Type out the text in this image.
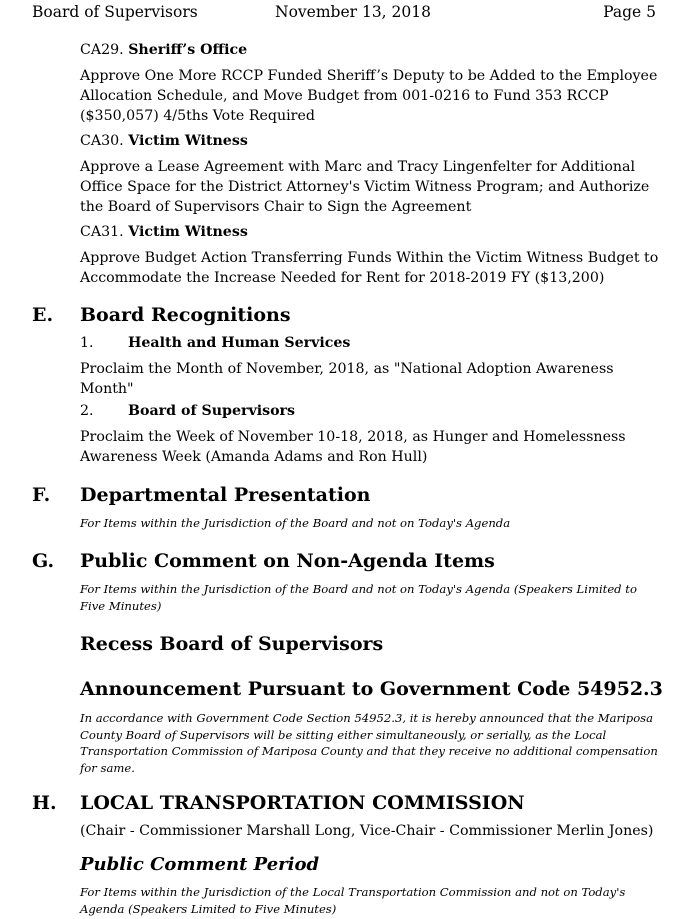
Board of Supervisors	November 13, 2018	Page 5
CA29. Sheriff’s Office
Approve One More RCCP Funded Sheriff’s Deputy to be Added to the Employee Allocation Schedule, and Move Budget from 001-0216 to Fund 353 RCCP ($350,057) 4/5ths Vote Required
CA30. Victim Witness
Approve a Lease Agreement with Marc and Tracy Lingenfelter for Additional Office Space for the District Attorney's Victim Witness Program; and Authorize the Board of Supervisors Chair to Sign the Agreement
CA31. Victim Witness
Approve Budget Action Transferring Funds Within the Victim Witness Budget to Accommodate the Increase Needed for Rent for 2018-2019 FY ($13,200)
E. Board Recognitions
1. Health and Human Services
Proclaim the Month of November, 2018, as "National Adoption Awareness Month"
2. Board of Supervisors
Proclaim the Week of November 10-18, 2018, as Hunger and Homelessness Awareness Week (Amanda Adams and Ron Hull)
F. Departmental Presentation
For Items within the Jurisdiction of the Board and not on Today's Agenda
G. Public Comment on Non-Agenda Items
For Items within the Jurisdiction of the Board and not on Today's Agenda (Speakers Limited to Five Minutes)
Recess Board of Supervisors
Announcement Pursuant to Government Code 54952.3
In accordance with Government Code Section 54952.3, it is hereby announced that the Mariposa County Board of Supervisors will be sitting either simultaneously, or serially, as the Local Transportation Commission of Mariposa County and that they receive no additional compensation for same.
H. LOCAL TRANSPORTATION COMMISSION
(Chair - Commissioner Marshall Long, Vice-Chair - Commissioner Merlin Jones)
Public Comment Period
For Items within the Jurisdiction of the Local Transportation Commission and not on Today's Agenda (Speakers Limited to Five Minutes)
